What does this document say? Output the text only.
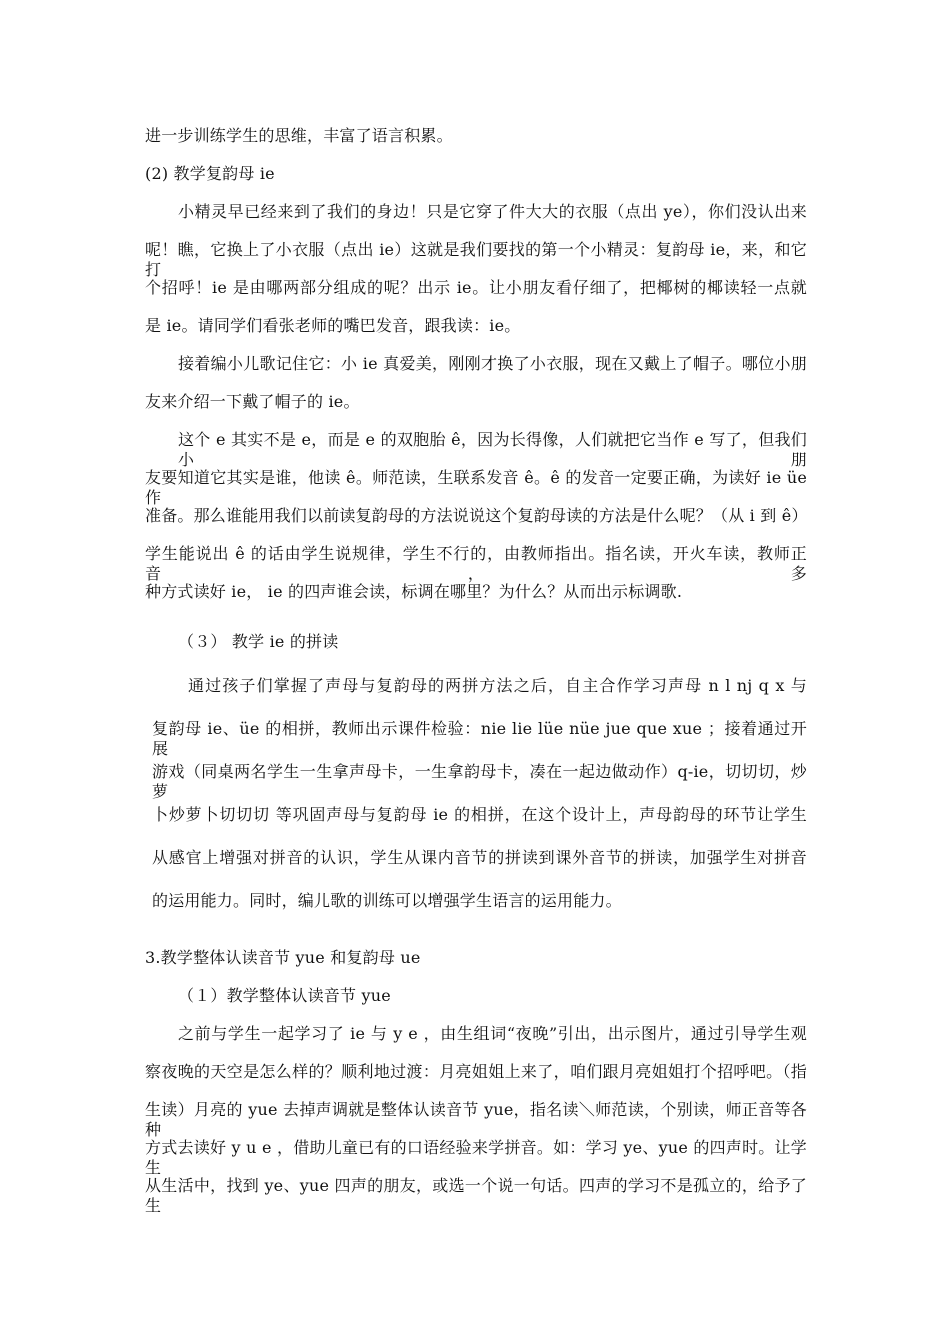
进一步训练学生的思维，丰富了语言积累。
(2) 教学复韵母 ie
小精灵早已经来到了我们的身边！只是它穿了件大大的衣服（点出 ye），你们没认出来
呢！瞧，它换上了小衣服（点出 ie）这就是我们要找的第一个小精灵：复韵母 ie，来，和它打
个招呼！ie 是由哪两部分组成的呢？出示 ie。让小朋友看仔细了，把椰树的椰读轻一点就
是 ie。请同学们看张老师的嘴巴发音，跟我读：ie。
接着编小儿歌记住它：小 ie 真爱美，刚刚才换了小衣服，现在又戴上了帽子。哪位小朋
友来介绍一下戴了帽子的 ie。
这个 e 其实不是 e，而是 e 的双胞胎 ê，因为长得像，人们就把它当作 e 写了，但我们小朋
友要知道它其实是谁，他读 ê。师范读，生联系发音 ê。ê 的发音一定要正确，为读好 ie üe 作
准备。那么谁能用我们以前读复韵母的方法说说这个复韵母读的方法是什么呢？（从 i 到 ê）
学生能说出 ê 的话由学生说规律，学生不行的，由教师指出。指名读，开火车读，教师正音，多
种方式读好 ie， ie 的四声谁会读，标调在哪里？为什么？从而出示标调歌.
（３） 教学 ie 的拼读
通过孩子们掌握了声母与复韵母的两拼方法之后，自主合作学习声母 n l nj q x 与
复韵母 ie、üe 的相拼，教师出示课件检验：nie lie lüe nüe jue que xue ；接着通过开展
游戏（同桌两名学生一生拿声母卡，一生拿韵母卡，凑在一起边做动作）q-ie，切切切，炒萝
卜炒萝卜切切切 等巩固声母与复韵母 ie 的相拼，在这个设计上，声母韵母的环节让学生
从感官上增强对拼音的认识，学生从课内音节的拼读到课外音节的拼读，加强学生对拼音
的运用能力。同时，编儿歌的训练可以增强学生语言的运用能力。
3.教学整体认读音节 yue 和复韵母 ue
（１）教学整体认读音节 yue
之前与学生一起学习了 ie 与 y e ，由生组词“夜晚”引出，出示图片，通过引导学生观
察夜晚的天空是怎么样的？顺利地过渡：月亮姐姐上来了，咱们跟月亮姐姐打个招呼吧。（指
生读）月亮的 yue 去掉声调就是整体认读音节 yue，指名读＼师范读，个别读，师正音等各种
方式去读好 y u e ，借助儿童已有的口语经验来学拼音。如：学习 ye、yue 的四声时。让学生
从生活中，找到 ye、yue 四声的朋友，或选一个说一句话。四声的学习不是孤立的，给予了生
